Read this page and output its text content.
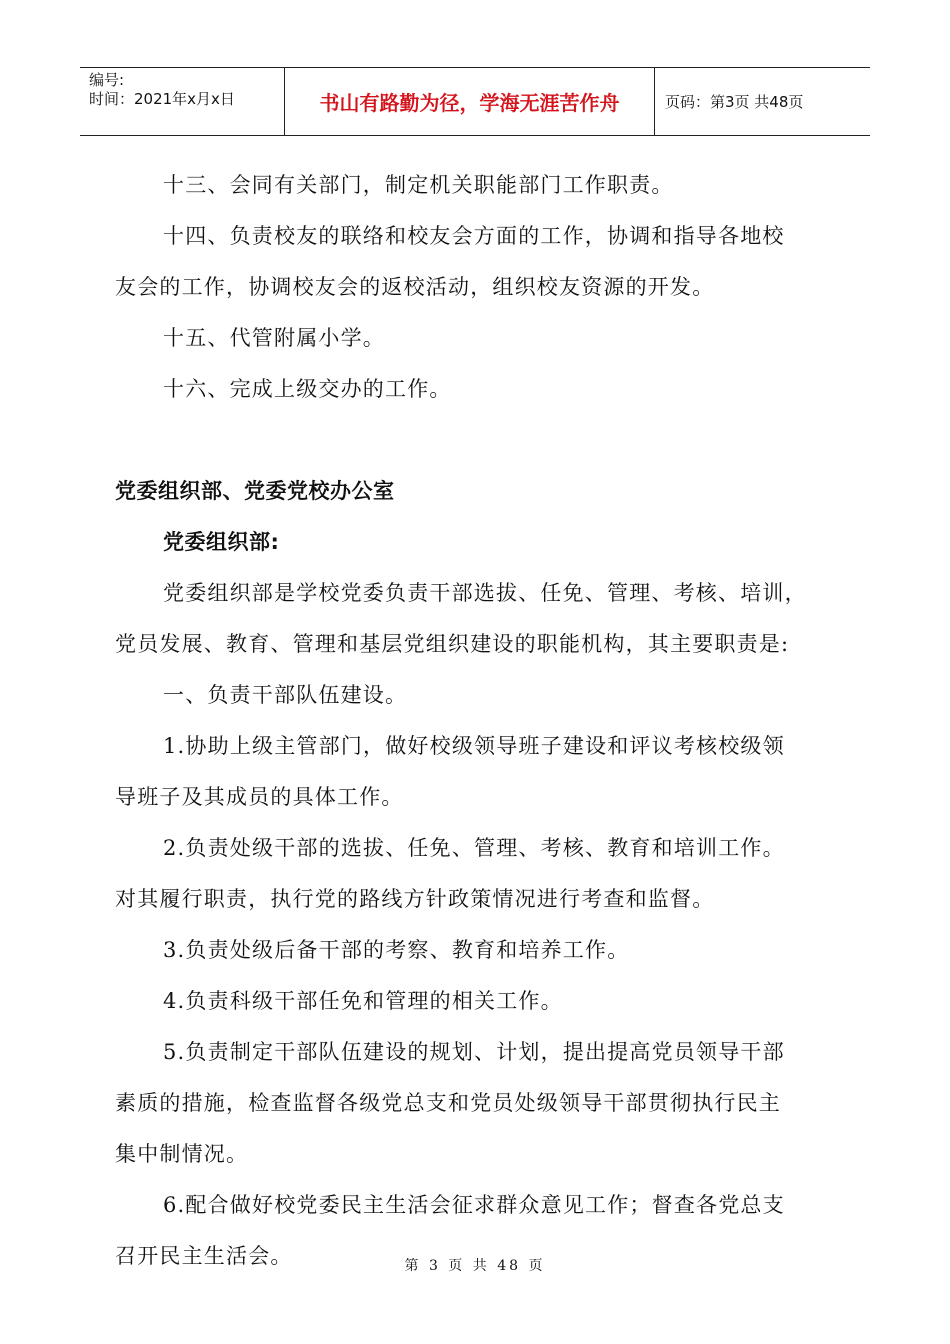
编号:
时间：2021年x月x日	书山有路勤为径，学海无涯苦作舟	页码：第3页 共48页
十三、会同有关部门，制定机关职能部门工作职责。
十四、负责校友的联络和校友会方面的工作，协调和指导各地校
友会的工作，协调校友会的返校活动，组织校友资源的开发。
十五、代管附属小学。
十六、完成上级交办的工作。
党委组织部、党委党校办公室
党委组织部:
党委组织部是学校党委负责干部选拔、任免、管理、考核、培训，
党员发展、教育、管理和基层党组织建设的职能机构，其主要职责是:
一、负责干部队伍建设。
1.协助上级主管部门，做好校级领导班子建设和评议考核校级领
导班子及其成员的具体工作。
2.负责处级干部的选拔、任免、管理、考核、教育和培训工作。
对其履行职责，执行党的路线方针政策情况进行考查和监督。
3.负责处级后备干部的考察、教育和培养工作。
4.负责科级干部任免和管理的相关工作。
5.负责制定干部队伍建设的规划、计划，提出提高党员领导干部
素质的措施，检查监督各级党总支和党员处级领导干部贯彻执行民主
集中制情况。
6.配合做好校党委民主生活会征求群众意见工作；督查各党总支
召开民主生活会。	第 3 页 共 48 页
